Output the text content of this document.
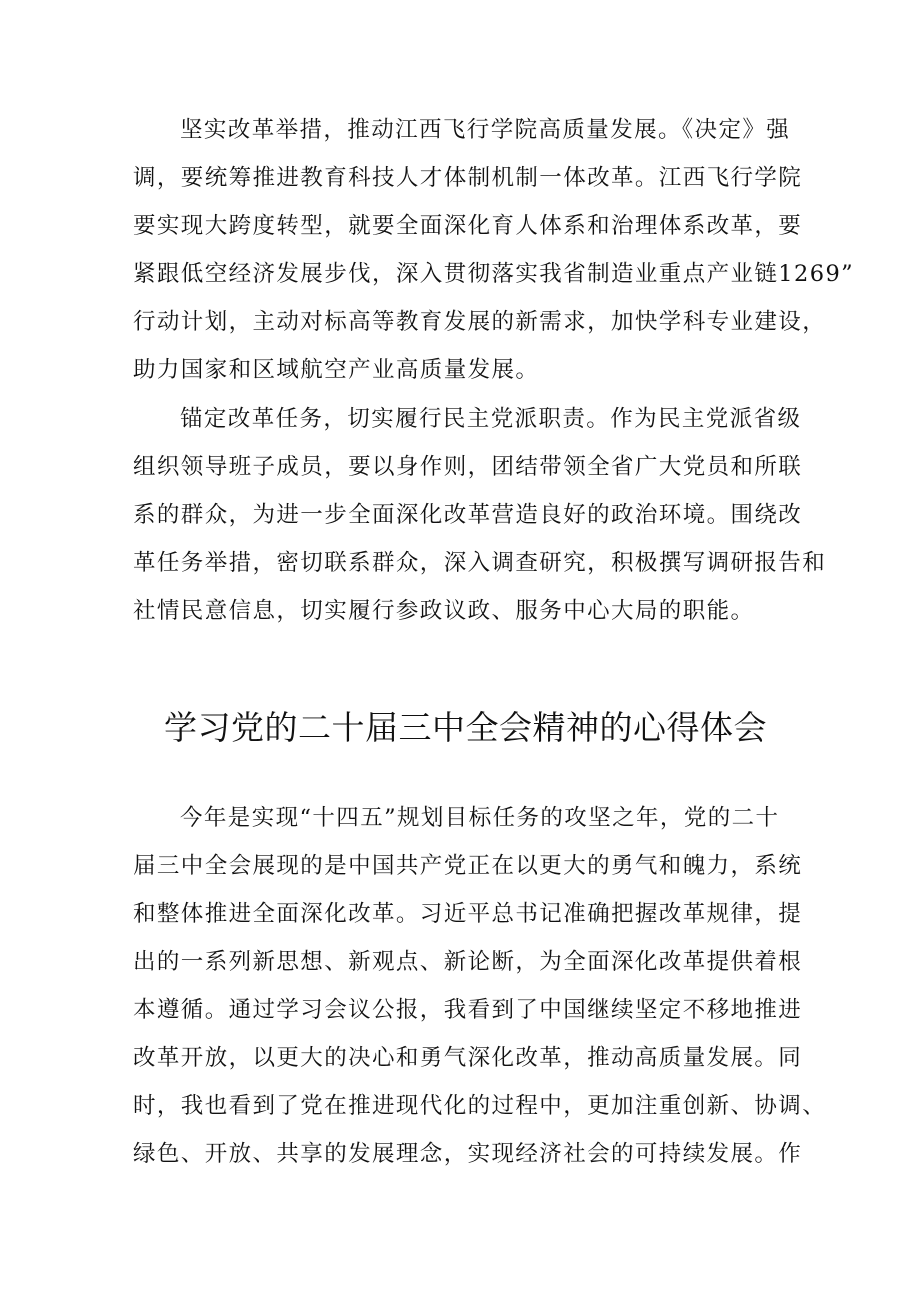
坚实改革举措，推动江西飞行学院高质量发展。《决定》强
调，要统筹推进教育科技人才体制机制一体改革。江西飞行学院
要实现大跨度转型，就要全面深化育人体系和治理体系改革，要
紧跟低空经济发展步伐，深入贯彻落实我省制造业重点产业链1269”
行动计划，主动对标高等教育发展的新需求，加快学科专业建设，
助力国家和区域航空产业高质量发展。
锚定改革任务，切实履行民主党派职责。作为民主党派省级
组织领导班子成员，要以身作则，团结带领全省广大党员和所联
系的群众，为进一步全面深化改革营造良好的政治环境。围绕改
革任务举措，密切联系群众，深入调查研究，积极撰写调研报告和
社情民意信息，切实履行参政议政、服务中心大局的职能。
学习党的二十届三中全会精神的心得体会
今年是实现“十四五”规划目标任务的攻坚之年，党的二十
届三中全会展现的是中国共产党正在以更大的勇气和魄力，系统
和整体推进全面深化改革。习近平总书记准确把握改革规律，提
出的一系列新思想、新观点、新论断，为全面深化改革提供着根
本遵循。通过学习会议公报，我看到了中国继续坚定不移地推进
改革开放，以更大的决心和勇气深化改革，推动高质量发展。同
时，我也看到了党在推进现代化的过程中，更加注重创新、协调、
绿色、开放、共享的发展理念，实现经济社会的可持续发展。作
